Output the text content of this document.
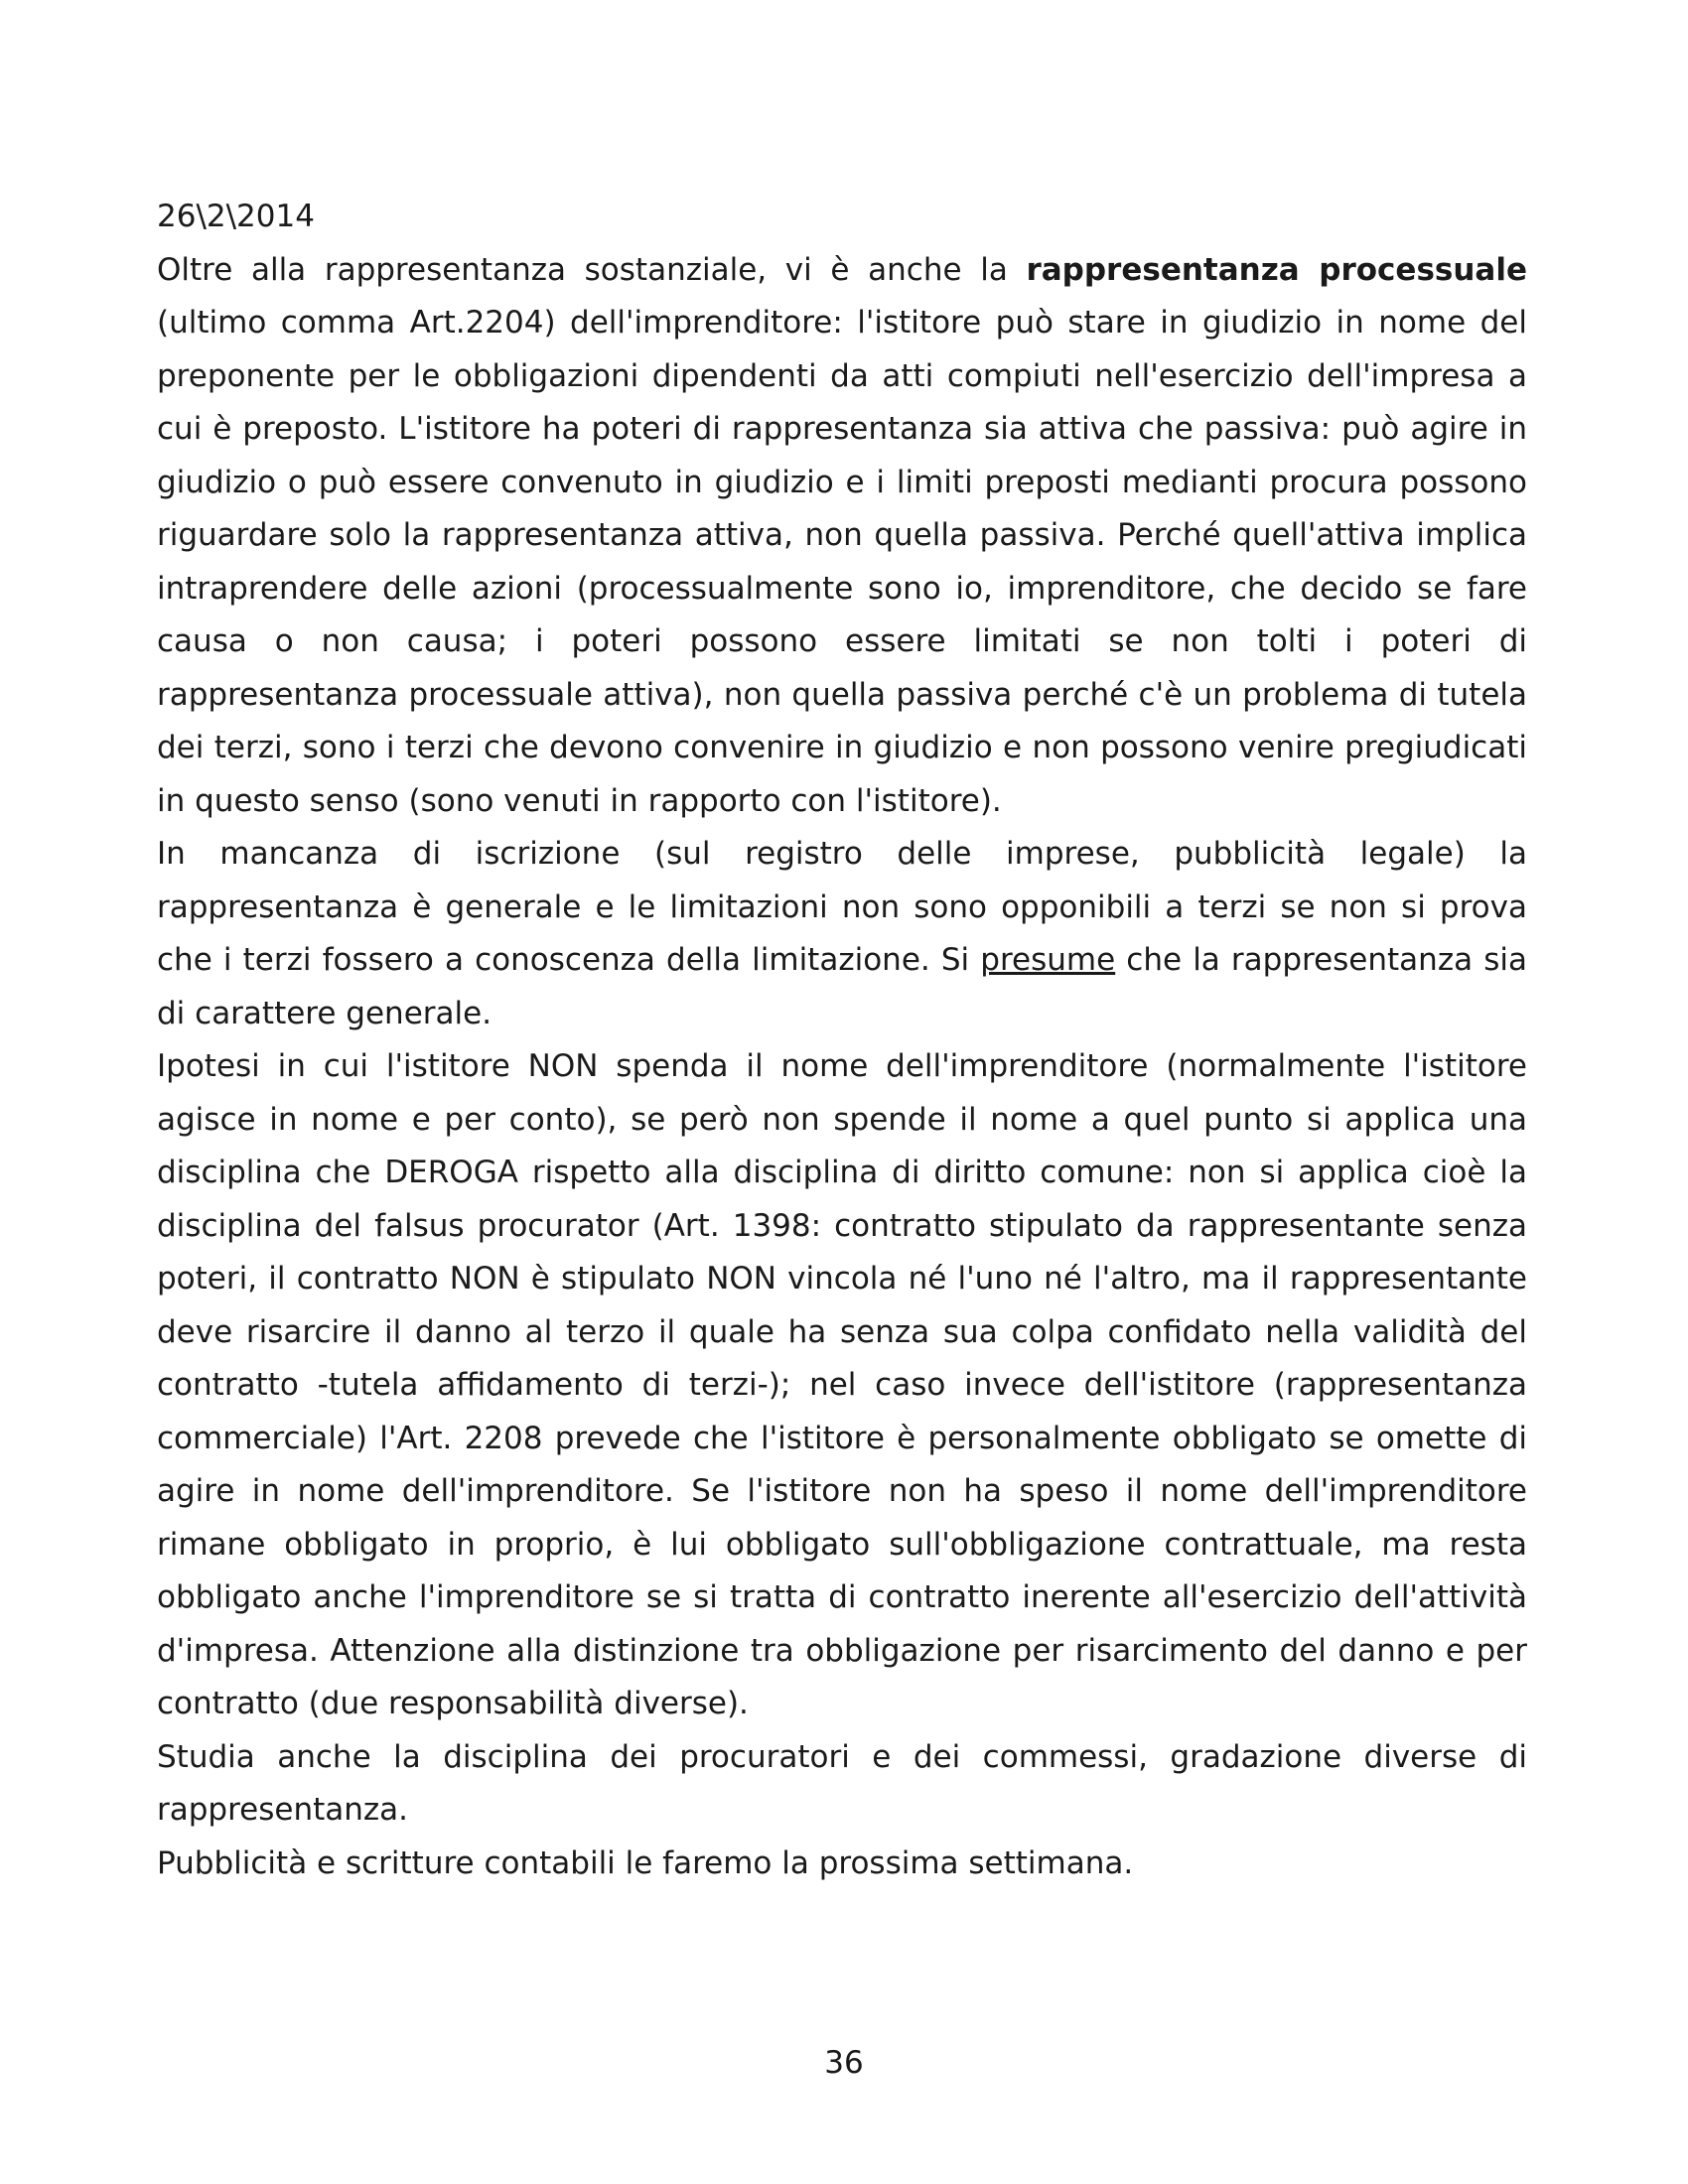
26\2\2014

Oltre alla rappresentanza sostanziale, vi è anche la rappresentanza processuale (ultimo comma Art.2204) dell'imprenditore: l'istitore può stare in giudizio in nome del preponente per le obbligazioni dipendenti da atti compiuti nell'esercizio dell'impresa a cui è preposto. L'istitore ha poteri di rappresentanza sia attiva che passiva: può agire in giudizio o può essere convenuto in giudizio e i limiti preposti medianti procura possono riguardare solo la rappresentanza attiva, non quella passiva. Perché quell'attiva implica intraprendere delle azioni (processualmente sono io, imprenditore, che decido se fare causa o non causa; i poteri possono essere limitati se non tolti i poteri di rappresentanza processuale attiva), non quella passiva perché c'è un problema di tutela dei terzi, sono i terzi che devono convenire in giudizio e non possono venire pregiudicati in questo senso (sono venuti in rapporto con l'istitore).

In mancanza di iscrizione (sul registro delle imprese, pubblicità legale) la rappresentanza è generale e le limitazioni non sono opponibili a terzi se non si prova che i terzi fossero a conoscenza della limitazione. Si presume che la rappresentanza sia di carattere generale.

Ipotesi in cui l'istitore NON spenda il nome dell'imprenditore (normalmente l'istitore agisce in nome e per conto), se però non spende il nome a quel punto si applica una disciplina che DEROGA rispetto alla disciplina di diritto comune: non si applica cioè la disciplina del falsus procurator (Art. 1398: contratto stipulato da rappresentante senza poteri, il contratto NON è stipulato NON vincola né l'uno né l'altro, ma il rappresentante deve risarcire il danno al terzo il quale ha senza sua colpa confidato nella validità del contratto -tutela affidamento di terzi-); nel caso invece dell'istitore (rappresentanza commerciale) l'Art. 2208 prevede che l'istitore è personalmente obbligato se omette di agire in nome dell'imprenditore. Se l'istitore non ha speso il nome dell'imprenditore rimane obbligato in proprio, è lui obbligato sull'obbligazione contrattuale, ma resta obbligato anche l'imprenditore se si tratta di contratto inerente all'esercizio dell'attività d'impresa. Attenzione alla distinzione tra obbligazione per risarcimento del danno e per contratto (due responsabilità diverse).

Studia anche la disciplina dei procuratori e dei commessi, gradazione diverse di rappresentanza.

Pubblicità e scritture contabili le faremo la prossima settimana.

36
